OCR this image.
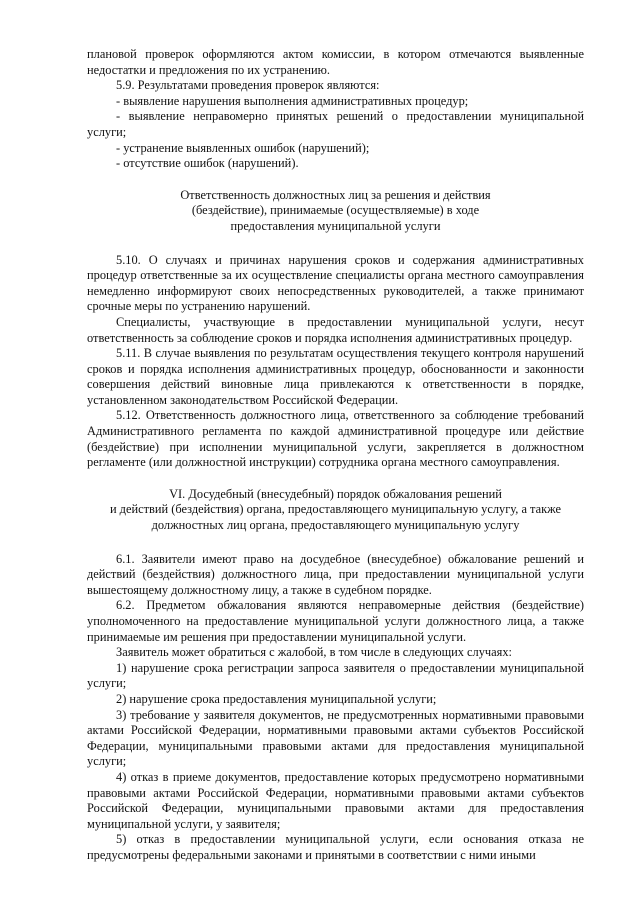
плановой проверок оформляются актом комиссии, в котором отмечаются выявленные недостатки и предложения по их устранению.

5.9. Результатами проведения проверок являются:

- выявление нарушения выполнения административных процедур;

- выявление неправомерно принятых решений о предоставлении муниципальной услуги;

- устранение выявленных ошибок (нарушений);

- отсутствие ошибок (нарушений).

Ответственность должностных лиц за решения и действия

(бездействие), принимаемые (осуществляемые) в ходе

предоставления муниципальной услуги

5.10. О случаях и причинах нарушения сроков и содержания административных процедур ответственные за их осуществление специалисты органа местного самоуправления немедленно информируют своих непосредственных руководителей, а также принимают срочные меры по устранению нарушений.

Специалисты, участвующие в предоставлении муниципальной услуги, несут ответственность за соблюдение сроков и порядка исполнения административных процедур.

5.11. В случае выявления по результатам осуществления текущего контроля нарушений сроков и порядка исполнения административных процедур, обоснованности и законности совершения действий виновные лица привлекаются к ответственности в порядке, установленном законодательством Российской Федерации.

5.12. Ответственность должностного лица, ответственного за соблюдение требований Административного регламента по каждой административной процедуре или действие (бездействие) при исполнении муниципальной услуги, закрепляется в должностном регламенте (или должностной инструкции) сотрудника органа местного самоуправления.

VI. Досудебный (внесудебный) порядок обжалования решений

и действий (бездействия) органа, предоставляющего муниципальную услугу, а также

должностных лиц органа, предоставляющего муниципальную услугу

6.1. Заявители имеют право на досудебное (внесудебное) обжалование решений и действий (бездействия) должностного лица, при предоставлении муниципальной услуги вышестоящему должностному лицу, а также в судебном порядке.

6.2. Предметом обжалования являются неправомерные действия (бездействие) уполномоченного на предоставление муниципальной услуги должностного лица, а также принимаемые им решения при предоставлении муниципальной услуги.

Заявитель может обратиться с жалобой, в том числе в следующих случаях:

1) нарушение срока регистрации запроса заявителя о предоставлении муниципальной услуги;

2) нарушение срока предоставления муниципальной услуги;

3) требование у заявителя документов, не предусмотренных нормативными правовыми актами Российской Федерации, нормативными правовыми актами субъектов Российской Федерации, муниципальными правовыми актами для предоставления муниципальной услуги;

4) отказ в приеме документов, предоставление которых предусмотрено нормативными правовыми актами Российской Федерации, нормативными правовыми актами субъектов Российской Федерации, муниципальными правовыми актами для предоставления муниципальной услуги, у заявителя;

5) отказ в предоставлении муниципальной услуги, если основания отказа не предусмотрены федеральными законами и принятыми в соответствии с ними иными
